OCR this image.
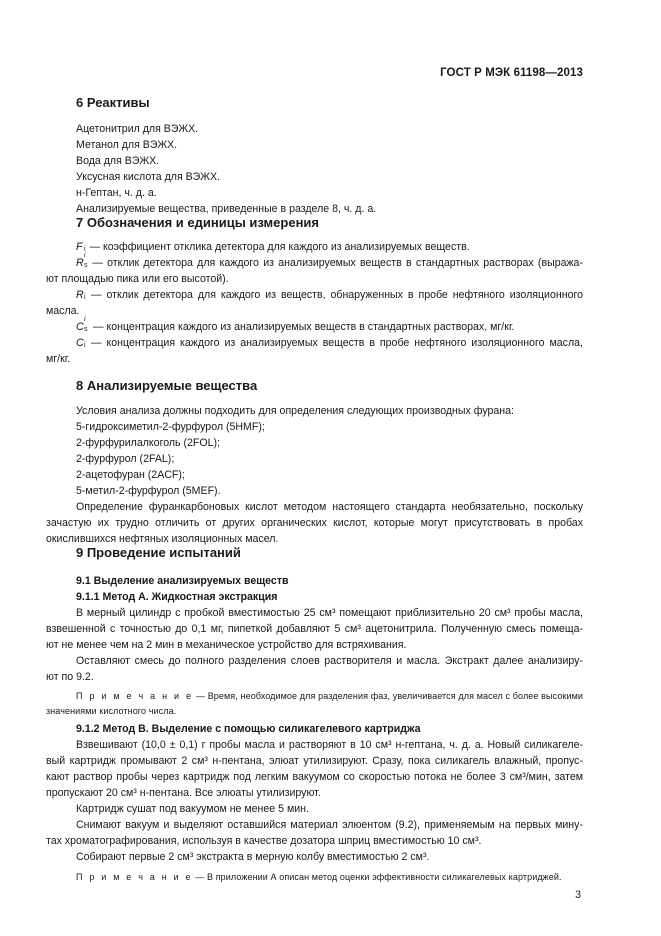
ГОСТ Р МЭК 61198—2013
6 Реактивы
Ацетонитрил для ВЭЖХ.
Метанол для ВЭЖХ.
Вода для ВЭЖХ.
Уксусная кислота для ВЭЖХ.
н-Гептан, ч. д. а.
Анализируемые вещества, приведенные в разделе 8, ч. д. а.
7 Обозначения и единицы измерения
F i — коэффициент отклика детектора для каждого из анализируемых веществ.
R
i
s — отклик детектора для каждого из анализируемых веществ в стандартных растворах (выража-
ют площадью пика или его высотой).
R i — отклик детектора для каждого из веществ, обнаруженных в пробе нефтяного изоляционного
масла.
C
i
s — концентрация каждого из анализируемых веществ в стандартных растворах, мг/кг.
C i — концентрация каждого из анализируемых веществ в пробе нефтяного изоляционного масла,
мг/кг.
8 Анализируемые вещества
Условия анализа должны подходить для определения следующих производных фурана:
5-гидроксиметил-2-фурфурол (5HMF);
2-фурфурилалкоголь (2FOL);
2-фурфурол (2FAL);
2-ацетофуран (2ACF);
5-метил-2-фурфурол (5MEF).
Определение фуранкарбоновых кислот методом настоящего стандарта необязательно, поскольку
зачастую их трудно отличить от других органических кислот, которые могут присутствовать в пробах
окислившихся нефтяных изоляционных масел.
9 Проведение испытаний
9.1 Выделение анализируемых веществ
9.1.1 Метод А. Жидкостная экстракция
В мерный цилиндр с пробкой вместимостью 25 см³ помещают приблизительно 20 см³ пробы масла,
взвешенной с точностью до 0,1 мг, пипеткой добавляют 5 см³ ацетонитрила. Полученную смесь помеща-
ют не менее чем на 2 мин в механическое устройство для встряхивания.
Оставляют смесь до полного разделения слоев растворителя и масла. Экстракт далее анализиру-
ют по 9.2.
П р и м е ч а н и е — Время, необходимое для разделения фаз, увеличивается для масел с более высокими
значениями кислотного числа.
9.1.2 Метод В. Выделение с помощью силикагелевого картриджа
Взвешивают (10,0 ± 0,1) г пробы масла и растворяют в 10 см³ н-гептана, ч. д. а. Новый силикагеле-
вый картридж промывают 2 см³ н-пентана, элюат утилизируют. Сразу, пока силикагель влажный, пропус-
кают раствор пробы через картридж под легким вакуумом со скоростью потока не более 3 см³/мин, затем
пропускают 20 см³ н-пентана. Все элюаты утилизируют.
Картридж сушат под вакуумом не менее 5 мин.
Снимают вакуум и выделяют оставшийся материал элюентом (9.2), применяемым на первых мину-
тах хроматографирования, используя в качестве дозатора шприц вместимостью 10 см³.
Собирают первые 2 см³ экстракта в мерную колбу вместимостью 2 см³.
П р и м е ч а н и е — В приложении А описан метод оценки эффективности силикагелевых картриджей.
3
